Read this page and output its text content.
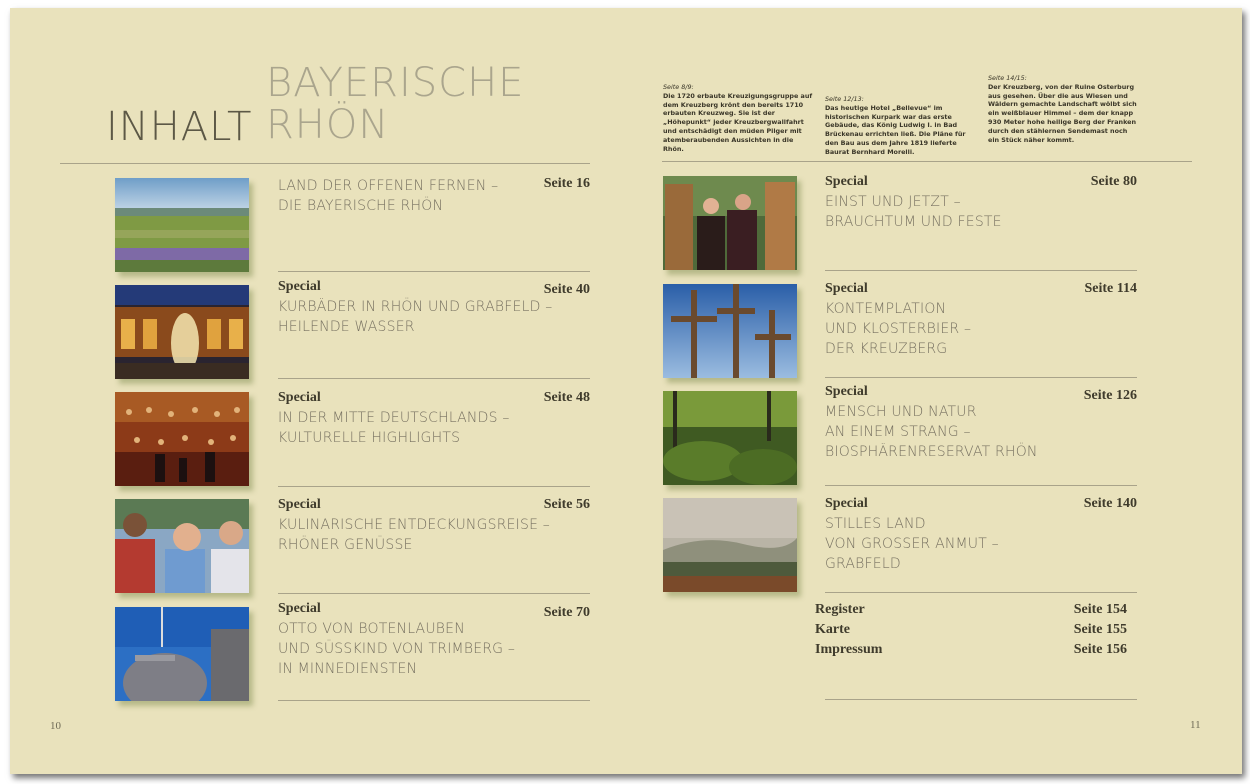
INHALT
BAYERISCHE
RHÖN
Seite 8/9:
Die 1720 erbaute Kreuzigungsgruppe auf dem Kreuzberg krönt den bereits 1710 erbauten Kreuzweg. Sie ist der „Höhepunkt“ jeder Kreuzbergwallfahrt und entschädigt den müden Pilger mit atemberaubenden Aussichten in die Rhön.
Seite 12/13:
Das heutige Hotel „Bellevue“ im historischen Kurpark war das erste Gebäude, das König Ludwig I. in Bad Brückenau errichten ließ. Die Pläne für den Bau aus dem Jahre 1819 lieferte Baurat Bernhard Morelli.
Seite 14/15:
Der Kreuzberg, von der Ruine Osterburg aus gesehen. Über die aus Wiesen und Wäldern gemachte Landschaft wölbt sich ein weißblauer Himmel – dem der knapp 930 Meter hohe heilige Berg der Franken durch den stählernen Sendemast noch ein Stück näher kommt.
LAND DER OFFENEN FERNEN –
DIE BAYERISCHE RHÖN
Seite 16
Special
KURBÄDER IN RHÖN UND GRABFELD –
HEILENDE WASSER
Seite 40
Special
IN DER MITTE DEUTSCHLANDS –
KULTURELLE HIGHLIGHTS
Seite 48
Special
KULINARISCHE ENTDECKUNGSREISE –
RHÖNER GENÜSSE
Seite 56
Special
OTTO VON BOTENLAUBEN
UND SÜSSKIND VON TRIMBERG –
IN MINNEDIENSTEN
Seite 70
Special
EINST UND JETZT –
BRAUCHTUM UND FESTE
Seite 80
Special
KONTEMPLATION
UND KLOSTERBIER –
DER KREUZBERG
Seite 114
Special
MENSCH UND NATUR
AN EINEM STRANG –
BIOSPHÄRENRESERVAT RHÖN
Seite 126
Special
STILLES LAND
VON GROSSER ANMUT –
GRABFELD
Seite 140
Register	Seite 154
Karte	Seite 155
Impressum	Seite 156
10	11
